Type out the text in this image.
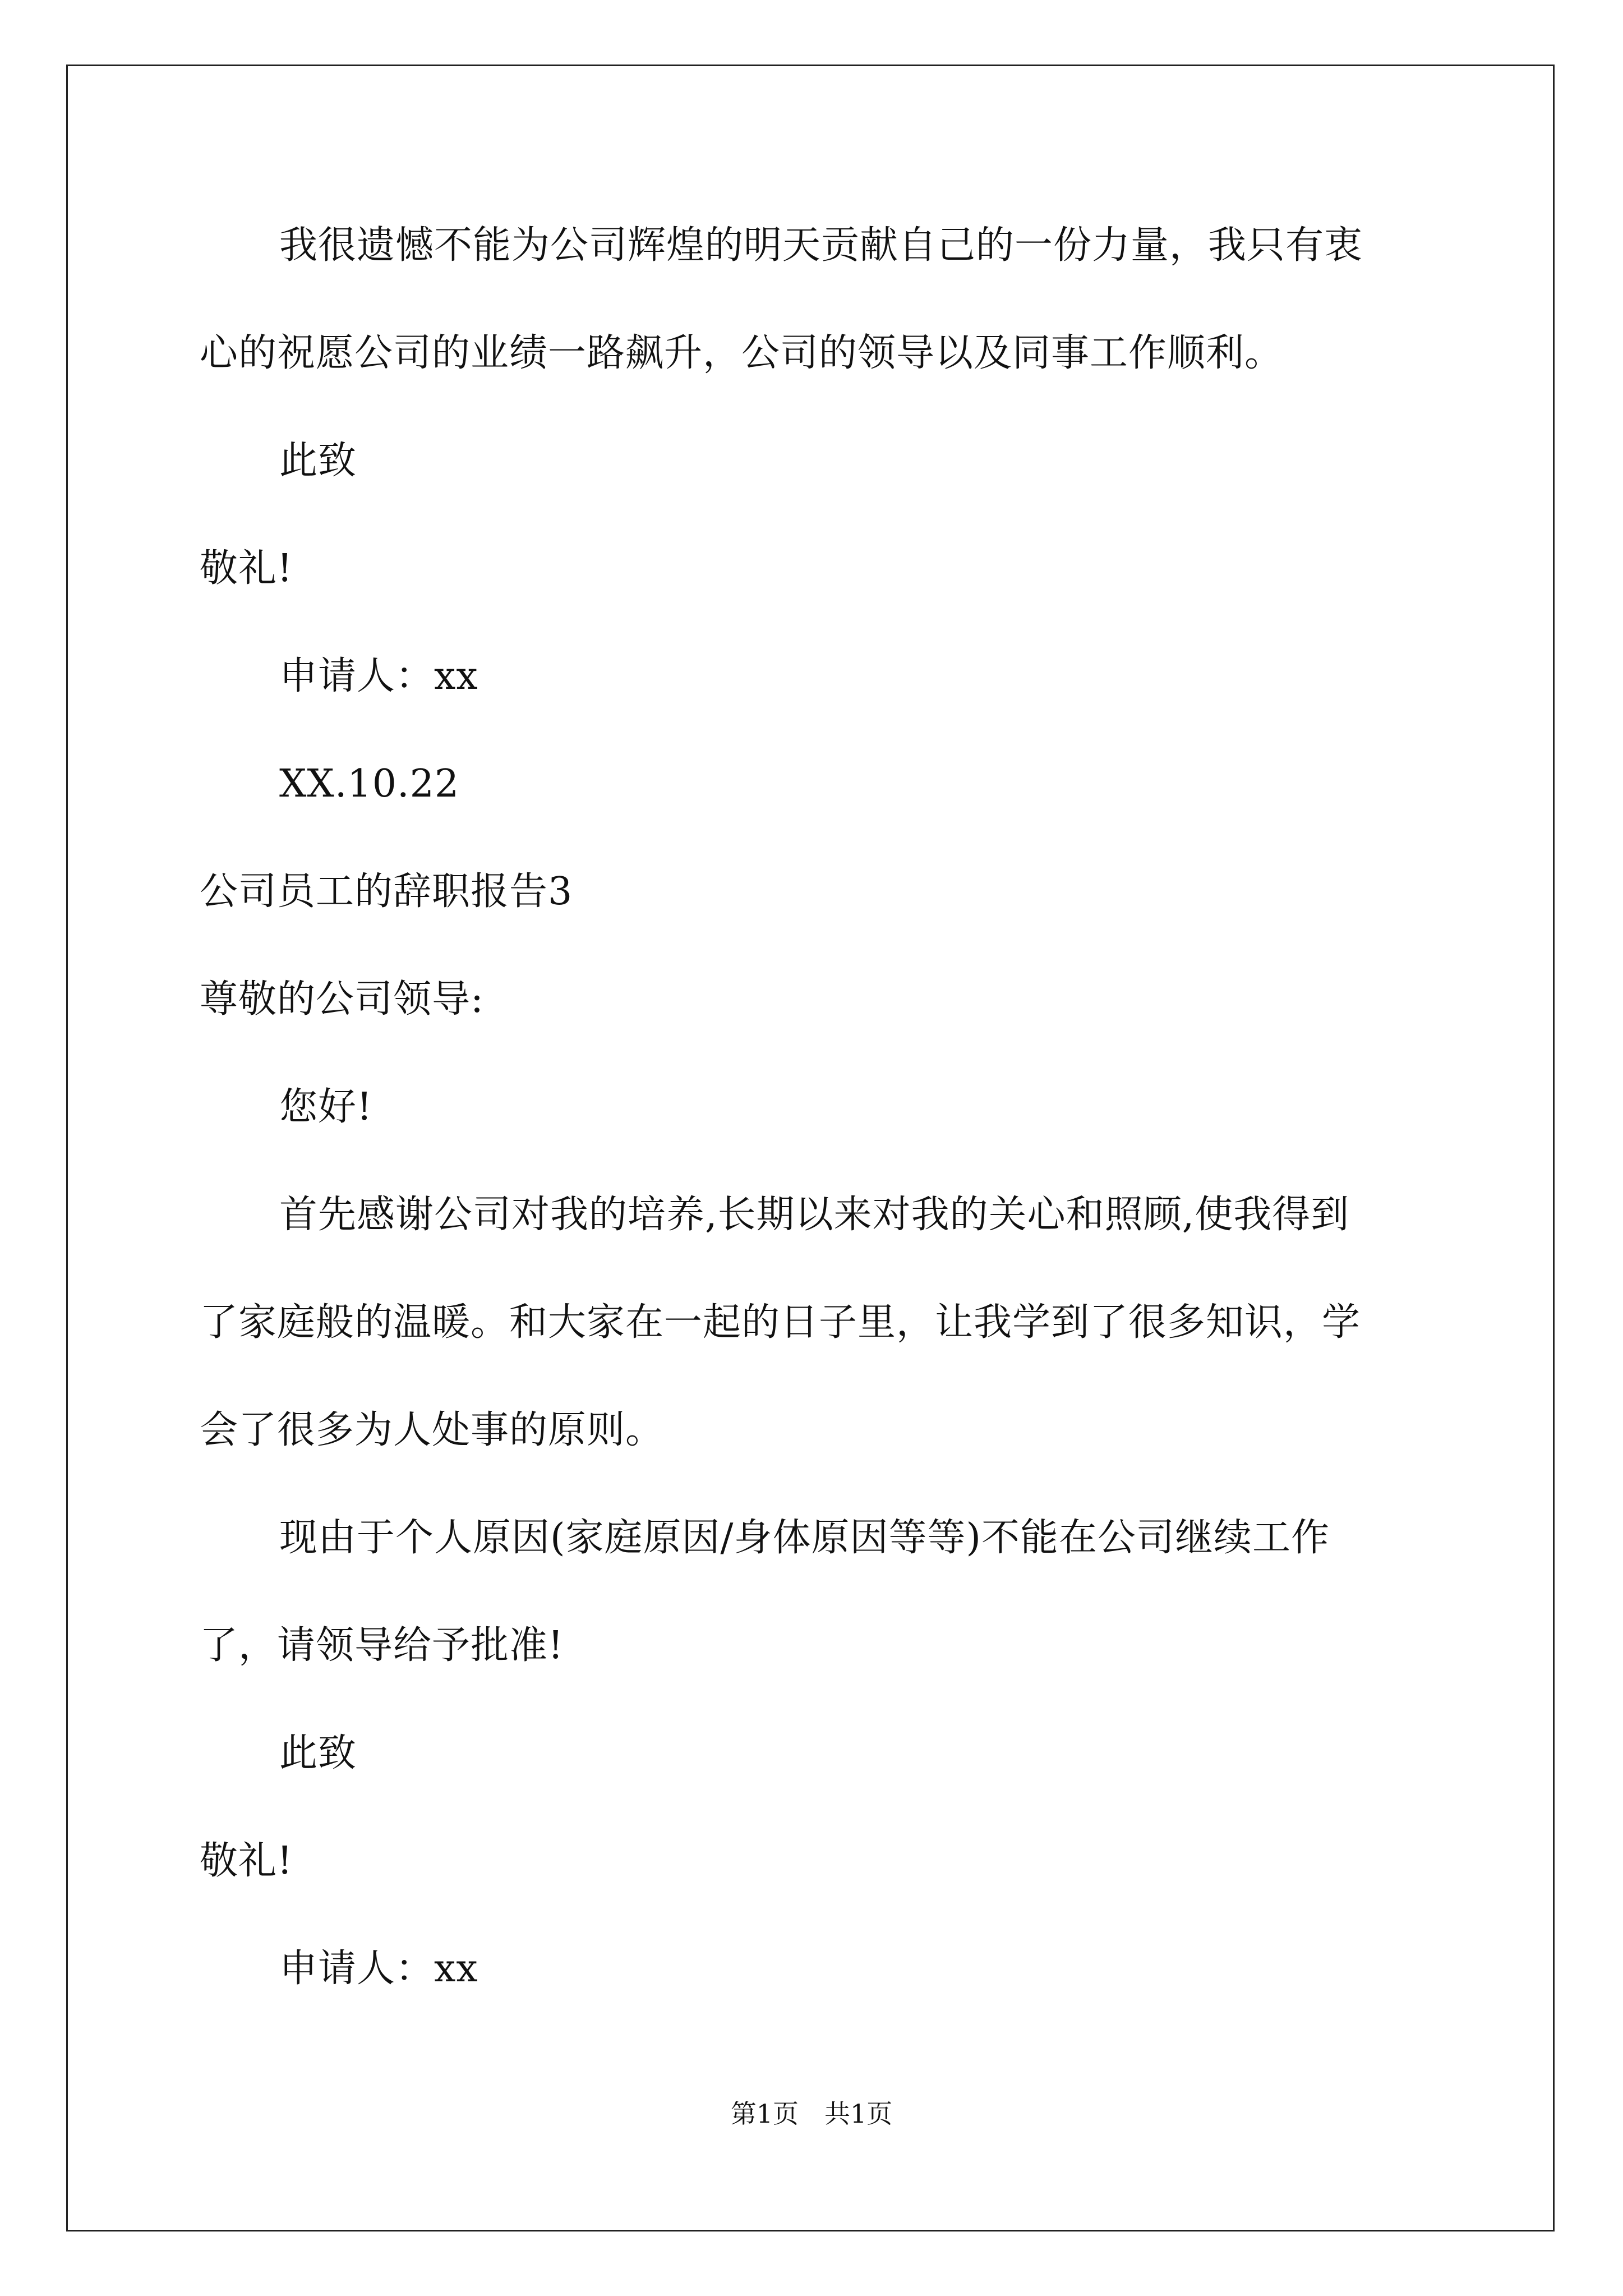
我很遗憾不能为公司辉煌的明天贡献自己的一份力量，我只有衷
心的祝愿公司的业绩一路飙升，公司的领导以及同事工作顺利。
此致
敬礼!
申请人：xx
XX.10.22
公司员工的辞职报告3
尊敬的公司领导:
您好!
首先感谢公司对我的培养,长期以来对我的关心和照顾,使我得到
了家庭般的温暖。和大家在一起的日子里，让我学到了很多知识，学
会了很多为人处事的原则。
现由于个人原因(家庭原因/身体原因等等)不能在公司继续工作
了，请领导给予批准!
此致
敬礼!
申请人：xx
第1页　共1页
